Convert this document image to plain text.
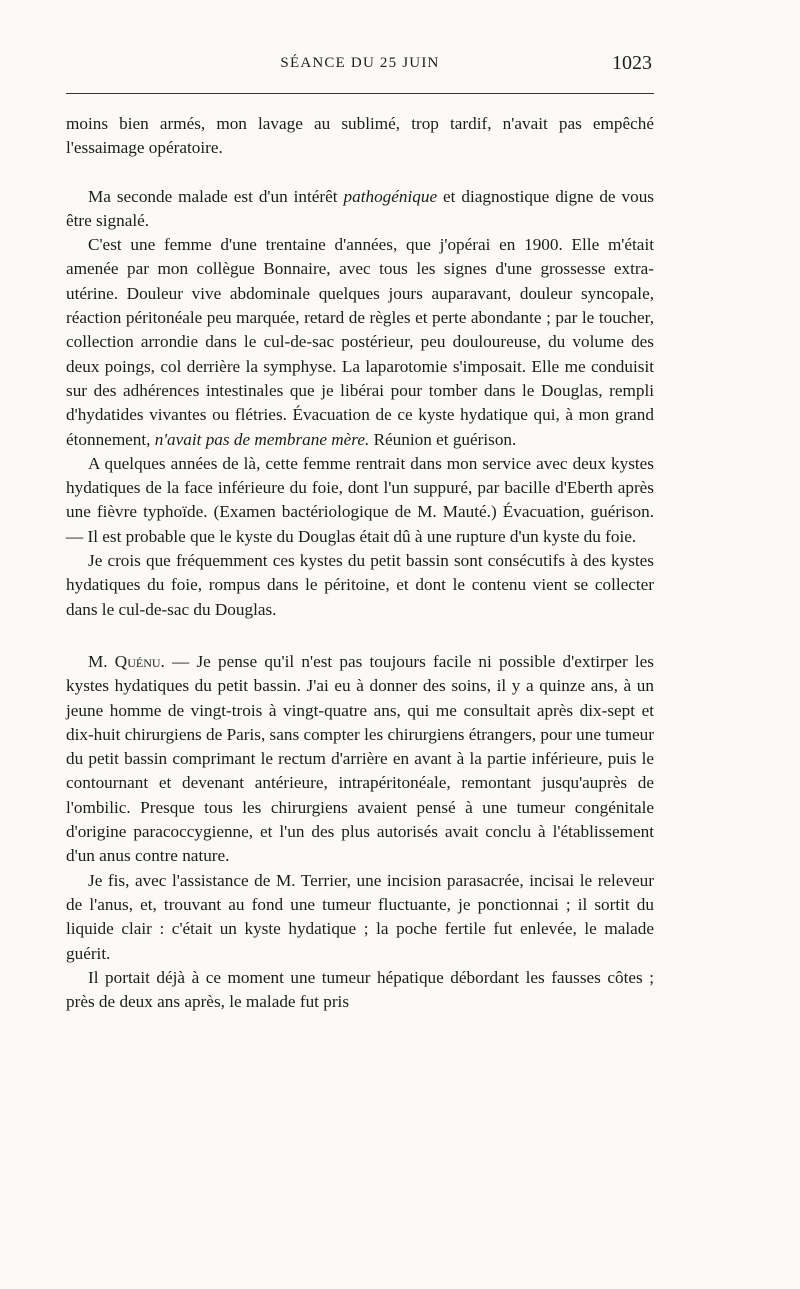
SÉANCE DU 25 JUIN	1023

moins bien armés, mon lavage au sublimé, trop tardif, n'avait pas empêché l'essaimage opératoire.

Ma seconde malade est d'un intérêt pathogénique et diagnostique digne de vous être signalé.

C'est une femme d'une trentaine d'années, que j'opérai en 1900. Elle m'était amenée par mon collègue Bonnaire, avec tous les signes d'une grossesse extra-utérine. Douleur vive abdominale quelques jours auparavant, douleur syncopale, réaction péritonéale peu marquée, retard de règles et perte abondante ; par le toucher, collection arrondie dans le cul-de-sac postérieur, peu douloureuse, du volume des deux poings, col derrière la symphyse. La laparotomie s'imposait. Elle me conduisit sur des adhérences intestinales que je libérai pour tomber dans le Douglas, rempli d'hydatides vivantes ou flétries. Évacuation de ce kyste hydatique qui, à mon grand étonnement, n'avait pas de membrane mère. Réunion et guérison.

A quelques années de là, cette femme rentrait dans mon service avec deux kystes hydatiques de la face inférieure du foie, dont l'un suppuré, par bacille d'Eberth après une fièvre typhoïde. (Examen bactériologique de M. Mauté.) Évacuation, guérison. — Il est probable que le kyste du Douglas était dû à une rupture d'un kyste du foie.

Je crois que fréquemment ces kystes du petit bassin sont consécutifs à des kystes hydatiques du foie, rompus dans le péritoine, et dont le contenu vient se collecter dans le cul-de-sac du Douglas.

M. Quénu. — Je pense qu'il n'est pas toujours facile ni possible d'extirper les kystes hydatiques du petit bassin. J'ai eu à donner des soins, il y a quinze ans, à un jeune homme de vingt-trois à vingt-quatre ans, qui me consultait après dix-sept et dix-huit chirurgiens de Paris, sans compter les chirurgiens étrangers, pour une tumeur du petit bassin comprimant le rectum d'arrière en avant à la partie inférieure, puis le contournant et devenant antérieure, intrapéritonéale, remontant jusqu'auprès de l'ombilic. Presque tous les chirurgiens avaient pensé à une tumeur congénitale d'origine paracoccygienne, et l'un des plus autorisés avait conclu à l'établissement d'un anus contre nature.

Je fis, avec l'assistance de M. Terrier, une incision parasacrée, incisai le releveur de l'anus, et, trouvant au fond une tumeur fluctuante, je ponctionnai ; il sortit du liquide clair : c'était un kyste hydatique ; la poche fertile fut enlevée, le malade guérit.

Il portait déjà à ce moment une tumeur hépatique débordant les fausses côtes ; près de deux ans après, le malade fut pris
